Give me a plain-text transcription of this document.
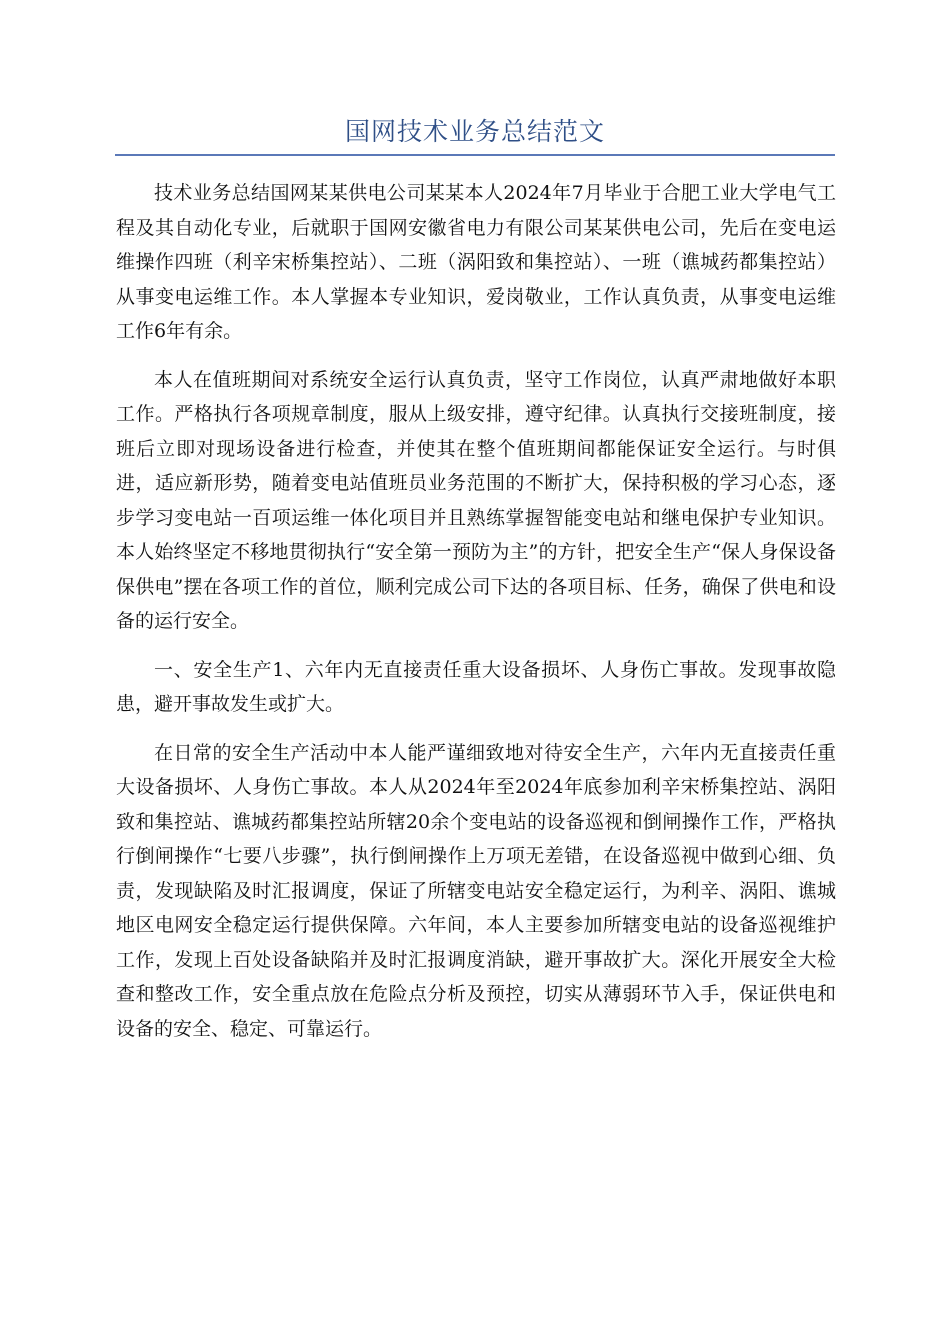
国网技术业务总结范文

技术业务总结国网某某供电公司某某本人2024年7月毕业于合肥工业大学电气工程及其自动化专业，后就职于国网安徽省电力有限公司某某供电公司，先后在变电运维操作四班（利辛宋桥集控站）、二班（涡阳致和集控站）、一班（谯城药都集控站）从事变电运维工作。本人掌握本专业知识，爱岗敬业，工作认真负责，从事变电运维工作6年有余。

本人在值班期间对系统安全运行认真负责，坚守工作岗位，认真严肃地做好本职工作。严格执行各项规章制度，服从上级安排，遵守纪律。认真执行交接班制度，接班后立即对现场设备进行检查，并使其在整个值班期间都能保证安全运行。与时俱进，适应新形势，随着变电站值班员业务范围的不断扩大，保持积极的学习心态，逐步学习变电站一百项运维一体化项目并且熟练掌握智能变电站和继电保护专业知识。本人始终坚定不移地贯彻执行“安全第一预防为主”的方针，把安全生产“保人身保设备保供电”摆在各项工作的首位，顺利完成公司下达的各项目标、任务，确保了供电和设备的运行安全。

一、安全生产1、六年内无直接责任重大设备损坏、人身伤亡事故。发现事故隐患，避开事故发生或扩大。

在日常的安全生产活动中本人能严谨细致地对待安全生产，六年内无直接责任重大设备损坏、人身伤亡事故。本人从2024年至2024年底参加利辛宋桥集控站、涡阳致和集控站、谯城药都集控站所辖20余个变电站的设备巡视和倒闸操作工作，严格执行倒闸操作“七要八步骤”，执行倒闸操作上万项无差错，在设备巡视中做到心细、负责，发现缺陷及时汇报调度，保证了所辖变电站安全稳定运行，为利辛、涡阳、谯城地区电网安全稳定运行提供保障。六年间，本人主要参加所辖变电站的设备巡视维护工作，发现上百处设备缺陷并及时汇报调度消缺，避开事故扩大。深化开展安全大检查和整改工作，安全重点放在危险点分析及预控，切实从薄弱环节入手，保证供电和设备的安全、稳定、可靠运行。
